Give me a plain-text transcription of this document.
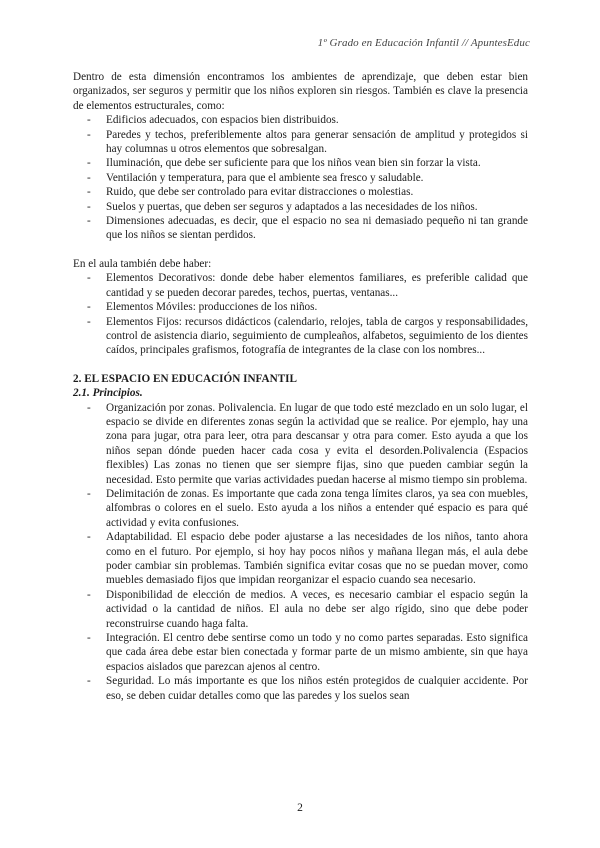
1º Grado en Educación Infantil // ApuntesEduc

Dentro de esta dimensión encontramos los ambientes de aprendizaje, que deben estar bien organizados, ser seguros y permitir que los niños exploren sin riesgos. También es clave la presencia de elementos estructurales, como:

- Edificios adecuados, con espacios bien distribuidos.
- Paredes y techos, preferiblemente altos para generar sensación de amplitud y protegidos si hay columnas u otros elementos que sobresalgan.
- Iluminación, que debe ser suficiente para que los niños vean bien sin forzar la vista.
- Ventilación y temperatura, para que el ambiente sea fresco y saludable.
- Ruido, que debe ser controlado para evitar distracciones o molestias.
- Suelos y puertas, que deben ser seguros y adaptados a las necesidades de los niños.
- Dimensiones adecuadas, es decir, que el espacio no sea ni demasiado pequeño ni tan grande que los niños se sientan perdidos.

En el aula también debe haber:

- Elementos Decorativos: donde debe haber elementos familiares, es preferible calidad que cantidad y se pueden decorar paredes, techos, puertas, ventanas...
- Elementos Móviles: producciones de los niños.
- Elementos Fijos: recursos didácticos (calendario, relojes, tabla de cargos y responsabilidades, control de asistencia diario, seguimiento de cumpleaños, alfabetos, seguimiento de los dientes caídos, principales grafismos, fotografía de integrantes de la clase con los nombres...
2. EL ESPACIO EN EDUCACIÓN INFANTIL
2.1. Principios.
- Organización por zonas. Polivalencia. En lugar de que todo esté mezclado en un solo lugar, el espacio se divide en diferentes zonas según la actividad que se realice. Por ejemplo, hay una zona para jugar, otra para leer, otra para descansar y otra para comer. Esto ayuda a que los niños sepan dónde pueden hacer cada cosa y evita el desorden.Polivalencia (Espacios flexibles) Las zonas no tienen que ser siempre fijas, sino que pueden cambiar según la necesidad. Esto permite que varias actividades puedan hacerse al mismo tiempo sin problema.
- Delimitación de zonas. Es importante que cada zona tenga límites claros, ya sea con muebles, alfombras o colores en el suelo. Esto ayuda a los niños a entender qué espacio es para qué actividad y evita confusiones.
- Adaptabilidad. El espacio debe poder ajustarse a las necesidades de los niños, tanto ahora como en el futuro. Por ejemplo, si hoy hay pocos niños y mañana llegan más, el aula debe poder cambiar sin problemas. También significa evitar cosas que no se puedan mover, como muebles demasiado fijos que impidan reorganizar el espacio cuando sea necesario.
- Disponibilidad de elección de medios. A veces, es necesario cambiar el espacio según la actividad o la cantidad de niños. El aula no debe ser algo rígido, sino que debe poder reconstruirse cuando haga falta.
- Integración. El centro debe sentirse como un todo y no como partes separadas. Esto significa que cada área debe estar bien conectada y formar parte de un mismo ambiente, sin que haya espacios aislados que parezcan ajenos al centro.
- Seguridad. Lo más importante es que los niños estén protegidos de cualquier accidente. Por eso, se deben cuidar detalles como que las paredes y los suelos sean
2
